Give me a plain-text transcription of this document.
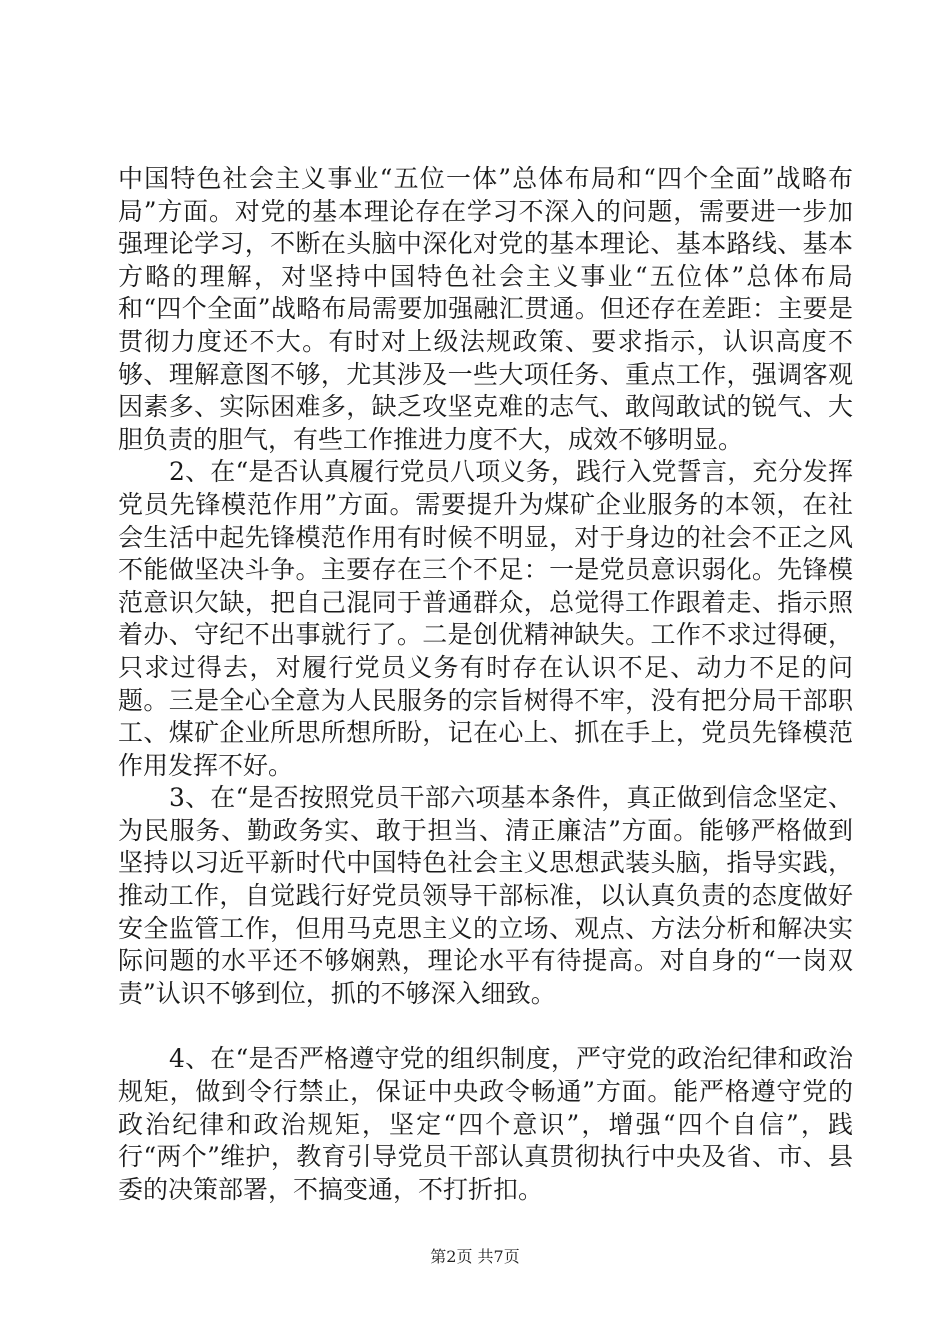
中国特色社会主义事业“五位一体”总体布局和“四个全面”战略布局”方面。对党的基本理论存在学习不深入的问题，需要进一步加强理论学习，不断在头脑中深化对党的基本理论、基本路线、基本方略的理解，对坚持中国特色社会主义事业“五位体”总体布局和“四个全面”战略布局需要加强融汇贯通。但还存在差距：主要是贯彻力度还不大。有时对上级法规政策、要求指示，认识高度不够、理解意图不够，尤其涉及一些大项任务、重点工作，强调客观因素多、实际困难多，缺乏攻坚克难的志气、敢闯敢试的锐气、大胆负责的胆气，有些工作推进力度不大，成效不够明显。

2、在“是否认真履行党员八项义务，践行入党誓言，充分发挥党员先锋模范作用”方面。需要提升为煤矿企业服务的本领，在社会生活中起先锋模范作用有时候不明显，对于身边的社会不正之风不能做坚决斗争。主要存在三个不足：一是党员意识弱化。先锋模范意识欠缺，把自己混同于普通群众，总觉得工作跟着走、指示照着办、守纪不出事就行了。二是创优精神缺失。工作不求过得硬，只求过得去，对履行党员义务有时存在认识不足、动力不足的问题。三是全心全意为人民服务的宗旨树得不牢，没有把分局干部职工、煤矿企业所思所想所盼，记在心上、抓在手上，党员先锋模范作用发挥不好。

3、在“是否按照党员干部六项基本条件，真正做到信念坚定、为民服务、勤政务实、敢于担当、清正廉洁”方面。能够严格做到坚持以习近平新时代中国特色社会主义思想武装头脑，指导实践，推动工作，自觉践行好党员领导干部标准，以认真负责的态度做好安全监管工作，但用马克思主义的立场、观点、方法分析和解决实际问题的水平还不够娴熟，理论水平有待提高。对自身的“一岗双责”认识不够到位，抓的不够深入细致。

4、在“是否严格遵守党的组织制度，严守党的政治纪律和政治规矩，做到令行禁止，保证中央政令畅通”方面。能严格遵守党的政治纪律和政治规矩，坚定“四个意识”，增强“四个自信”，践行“两个”维护，教育引导党员干部认真贯彻执行中央及省、市、县委的决策部署，不搞变通，不打折扣。

第2页 共7页
